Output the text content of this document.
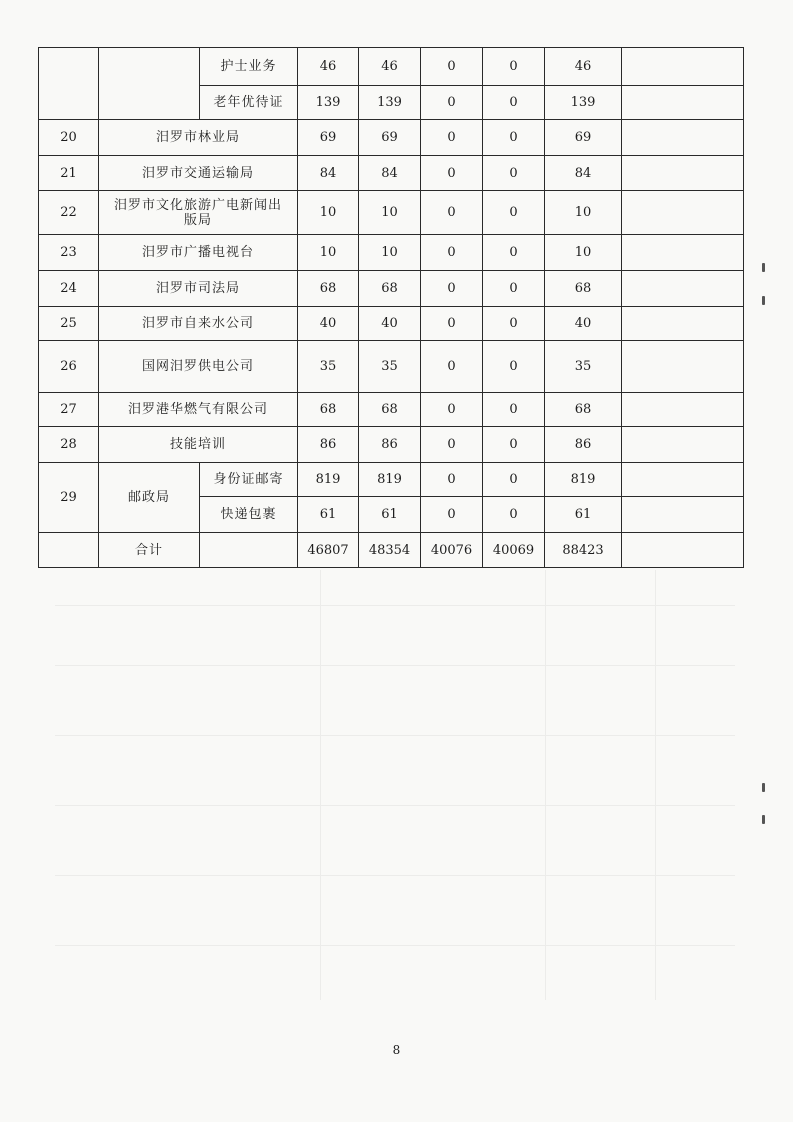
		护士业务	46	46	0	0	46	
		老年优待证	139	139	0	0	139	
20	汨罗市林业局		69	69	0	0	69	
21	汨罗市交通运输局		84	84	0	0	84	
22	汨罗市文化旅游广电新闻出版局		10	10	0	0	10	
23	汨罗市广播电视台		10	10	0	0	10	
24	汨罗市司法局		68	68	0	0	68	
25	汨罗市自来水公司		40	40	0	0	40	
26	国网汨罗供电公司		35	35	0	0	35	
27	汨罗港华燃气有限公司		68	68	0	0	68	
28	技能培训		86	86	0	0	86	
29	邮政局	身份证邮寄	819	819	0	0	819	
		快递包裹	61	61	0	0	61	
	合计		46807	48354	40076	40069	88423	
8
